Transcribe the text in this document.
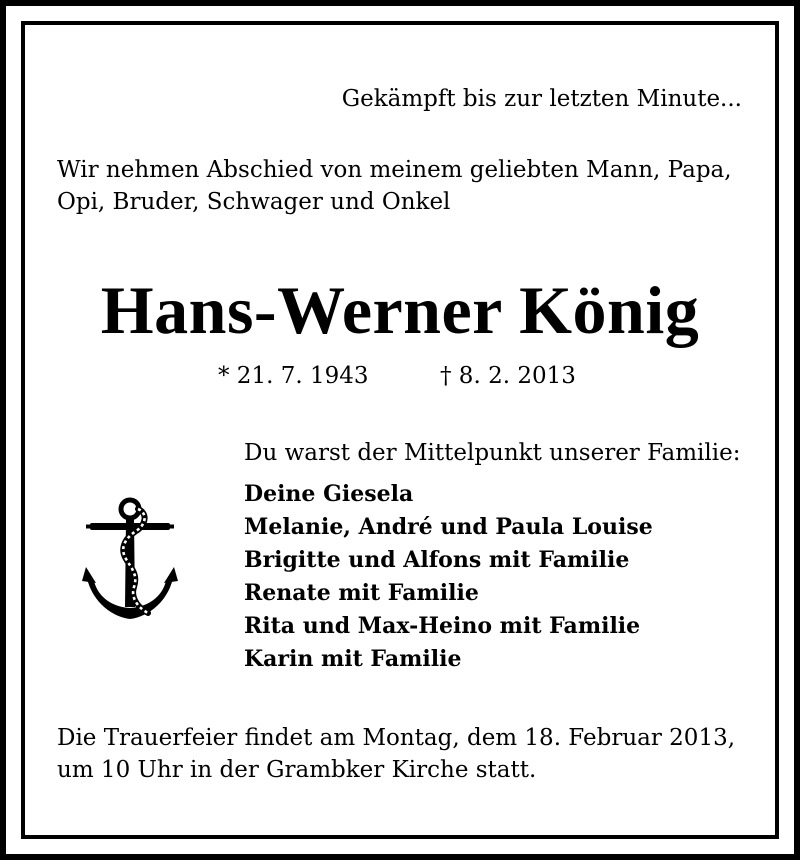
Gekämpft bis zur letzten Minute...
Wir nehmen Abschied von meinem geliebten Mann, Papa,
Opi, Bruder, Schwager und Onkel
Hans-Werner König
* 21. 7. 1943	† 8. 2. 2013
Du warst der Mittelpunkt unserer Familie:
Deine Giesela
Melanie, André und Paula Louise
Brigitte und Alfons mit Familie
Renate mit Familie
Rita und Max-Heino mit Familie
Karin mit Familie
Die Trauerfeier findet am Montag, dem 18. Februar 2013,
um 10 Uhr in der Grambker Kirche statt.
